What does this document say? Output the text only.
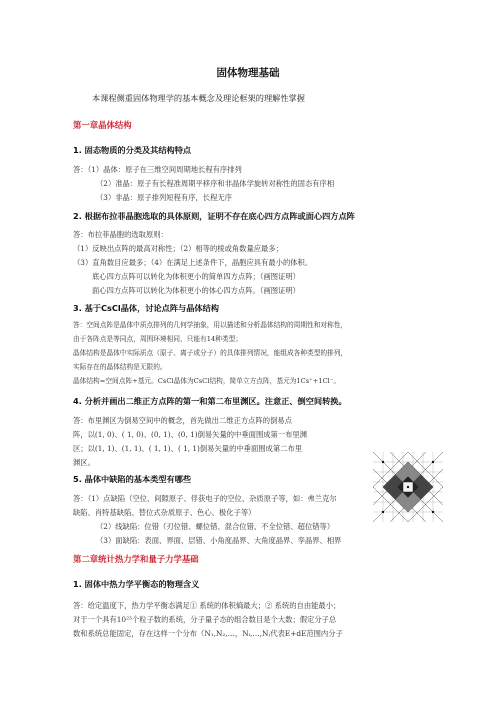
固体物理基础
本课程侧重固体物理学的基本概念及理论框架的理解性掌握
第一章晶体结构
1. 固态物质的分类及其结构特点
答：（1）晶体：原子在三维空间周期地长程有序排列
（2）准晶：原子有长程准周期平移序和非晶体学旋转对称性的固态有序相
（3）非晶：原子排列短程有序，长程无序
2. 根据布拉菲晶胞选取的具体原则，证明不存在底心四方点阵或面心四方点阵
答：布拉菲晶胞的选取原则：
（1）反映出点阵的最高对称性；（2）相等的棱或角数量应最多；
（3）直角数目应最多；（4）在满足上述条件下，晶胞应具有最小的体积。
底心四方点阵可以转化为体积更小的简单四方点阵；（画图证明）
面心四方点阵可以转化为体积更小的体心四方点阵。（画图证明）
3. 基于CsCl晶体，讨论点阵与晶体结构
答：空间点阵是晶体中质点排列的几何学抽象，用以描述和分析晶体结构的周期性和对称性，
由于各阵点是等同点，周围环境相同，只能有14种类型；
晶体结构是晶体中实际质点（原子、离子或分子）的具体排列情况，能组成各种类型的排列，
实际存在的晶体结构是无限的。
晶体结构=空间点阵+基元。CsCl晶体为CsCl结构，简单立方点阵，基元为1Cs⁺+1Cl⁻。
4. 分析并画出二维正方点阵的第一和第二布里渊区。注意正、倒空间转换。
答：布里渊区为倒易空间中的概念，首先做出二维正方点阵的倒易点
阵，以(1, 0)、( 1, 0)、(0, 1)、(0, 1)倒易矢量的中垂面围成第一布里渊
区；以(1, 1)、(1, 1)、( 1, 1)、( 1, 1)倒易矢量的中垂面围成第二布里
渊区。
5. 晶体中缺陷的基本类型有哪些
答：（1）点缺陷（空位、间隙原子、俘获电子的空位、杂质原子等，如：弗兰克尔
缺陷、肖特基缺陷、替位式杂质原子、色心、极化子等）
（2）线缺陷：位错（刃位错、螺位错、混合位错、不全位错、超位错等）
（3）面缺陷：表面、界面、层错、小角度晶界、大角度晶界、孪晶界、相界
第二章统计热力学和量子力学基础
1. 固体中热力学平衡态的物理含义
答：给定温度下，热力学平衡态满足① 系统的体积熵最大；② 系统的自由能最小；
对于一个具有10²³个粒子数的系统，分子量子态的组合数目是个大数；假定分子总
数和系统总能固定，存在这样一个分布（N₁,N₂,…，Nᵢ,…,Nⱼ代表E+dE范围内分子
